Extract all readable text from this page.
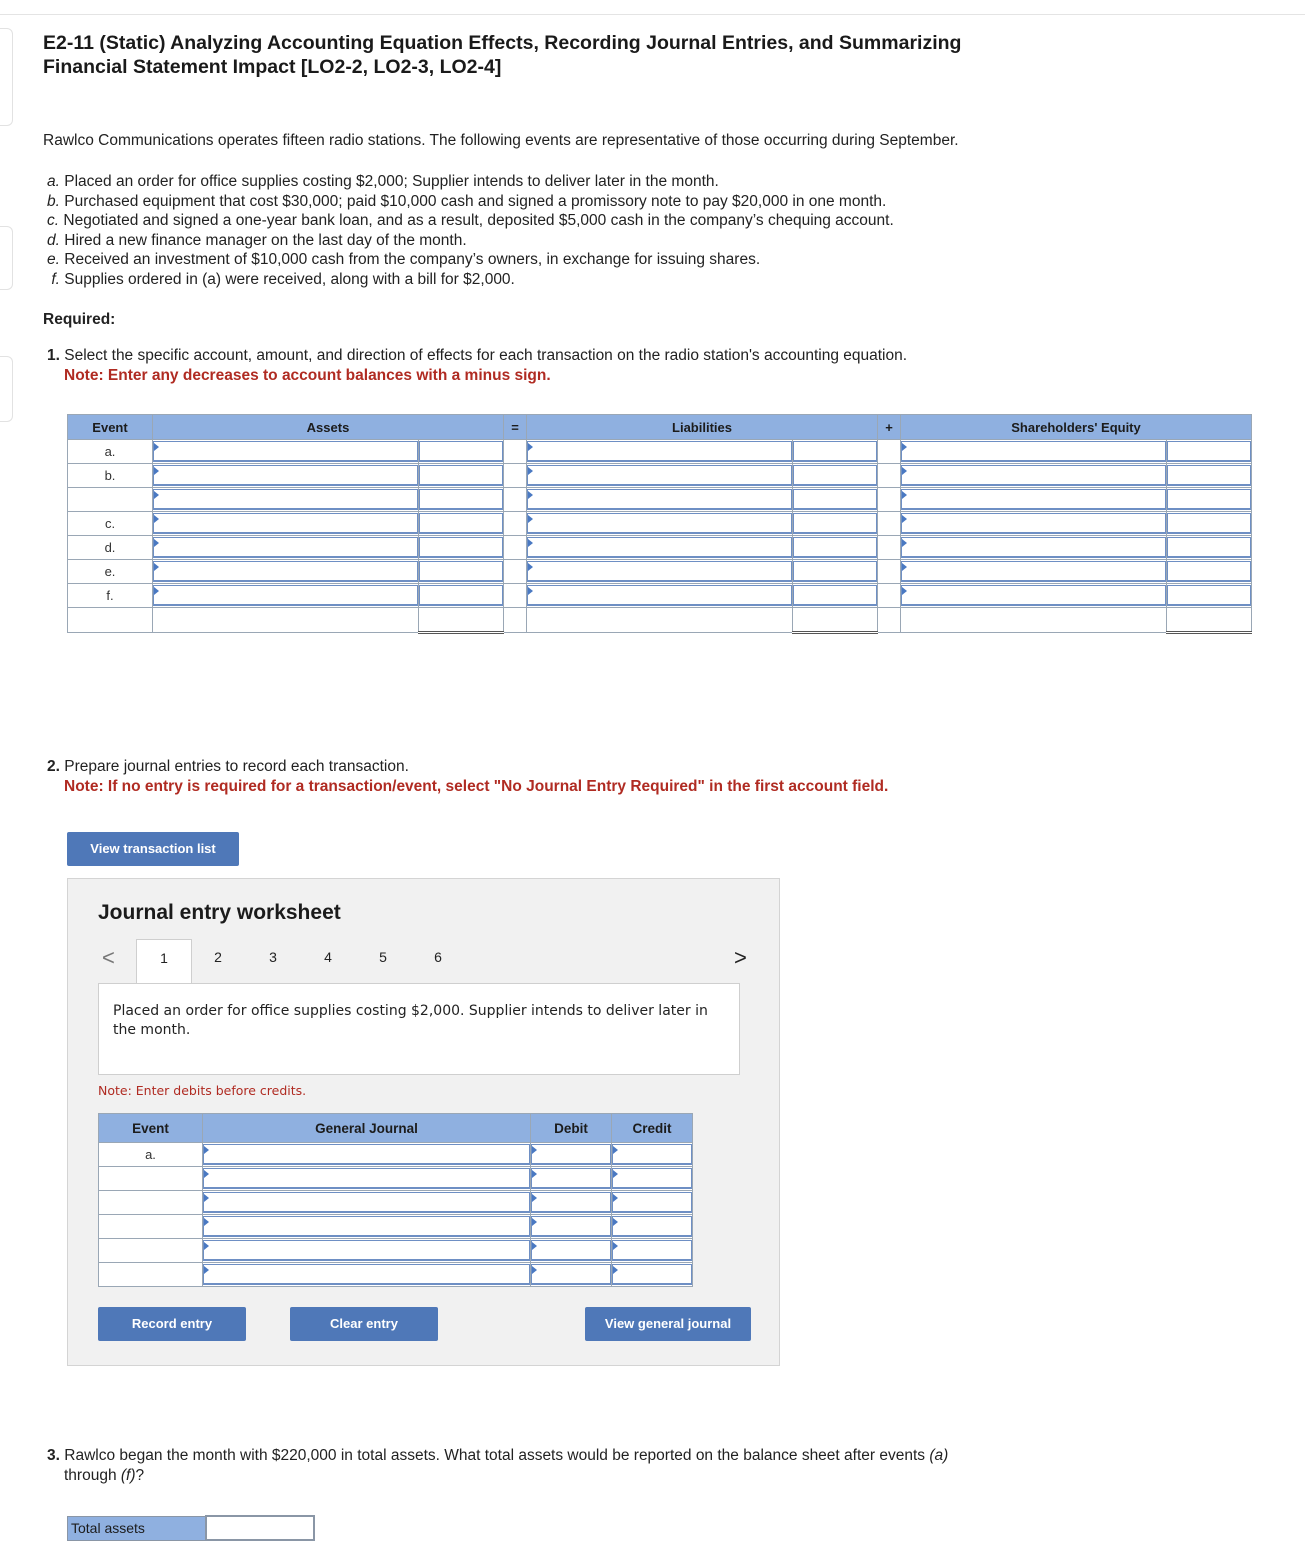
E2-11 (Static) Analyzing Accounting Equation Effects, Recording Journal Entries, and Summarizing Financial Statement Impact [LO2-2, LO2-3, LO2-4]

Rawlco Communications operates fifteen radio stations. The following events are representative of those occurring during September.

a. Placed an order for office supplies costing $2,000; Supplier intends to deliver later in the month.
b. Purchased equipment that cost $30,000; paid $10,000 cash and signed a promissory note to pay $20,000 in one month.
c. Negotiated and signed a one-year bank loan, and as a result, deposited $5,000 cash in the company’s chequing account.
d. Hired a new finance manager on the last day of the month.
e. Received an investment of $10,000 cash from the company’s owners, in exchange for issuing shares.
f. Supplies ordered in (a) were received, along with a bill for $2,000.
Required:
1. Select the specific account, amount, and direction of effects for each transaction on the radio station's accounting equation.
Note: Enter any decreases to account balances with a minus sign.
Event	Assets		=	Liabilities		+	Shareholders' Equity	
a.	

b.	

c.	

d.	

e.	

f.	

2. Prepare journal entries to record each transaction.
Note: If no entry is required for a transaction/event, select "No Journal Entry Required" in the first account field.
View transaction list
Journal entry worksheet
<	1	2	3	4	5	6	>
Placed an order for office supplies costing $2,000. Supplier intends to deliver later in the month.
Note: Enter debits before credits.
Event	General Journal	Debit	Credit
a.	

Record entry	Clear entry	View general journal
3. Rawlco began the month with $220,000 in total assets. What total assets would be reported on the balance sheet after events (a)
through (f)?
Total assets	
